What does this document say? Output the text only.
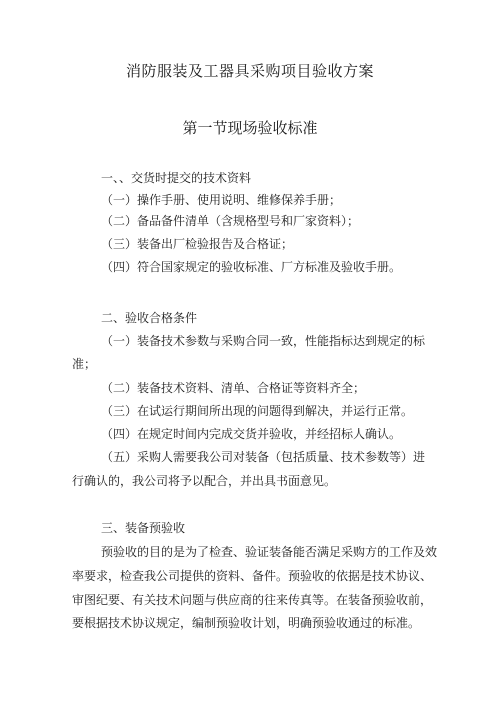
消防服装及工器具采购项目验收方案
第一节现场验收标准
一、、交货时提交的技术资料
（一）操作手册、使用说明、维修保养手册；
（二）备品备件清单（含规格型号和厂家资料）；
（三）装备出厂检验报告及合格证；
（四）符合国家规定的验收标准、厂方标准及验收手册。
二、验收合格条件
（一）装备技术参数与采购合同一致，性能指标达到规定的标
准；
（二）装备技术资料、清单、合格证等资料齐全；
（三）在试运行期间所出现的问题得到解决，并运行正常。
（四）在规定时间内完成交货并验收，并经招标人确认。
（五）采购人需要我公司对装备（包括质量、技术参数等）进
行确认的，我公司将予以配合，并出具书面意见。
三、装备预验收
预验收的目的是为了检查、验证装备能否满足采购方的工作及效
率要求，检查我公司提供的资料、备件。预验收的依据是技术协议、
审图纪要、有关技术问题与供应商的往来传真等。在装备预验收前，
要根据技术协议规定，编制预验收计划，明确预验收通过的标准。
